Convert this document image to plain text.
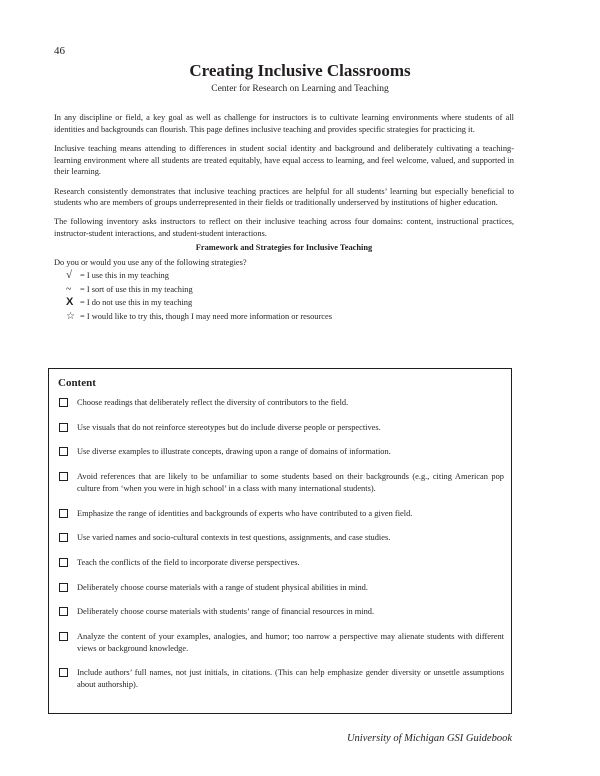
46
Creating Inclusive Classrooms
Center for Research on Learning and Teaching

In any discipline or field, a key goal as well as challenge for instructors is to cultivate learning environments where students of all identities and backgrounds can flourish. This page defines inclusive teaching and provides specific strategies for practicing it.

Inclusive teaching means attending to differences in student social identity and background and deliberately cultivating a teaching-learning environment where all students are treated equitably, have equal access to learning, and feel welcome, valued, and supported in their learning.

Research consistently demonstrates that inclusive teaching practices are helpful for all students’ learning but especially beneficial to students who are members of groups underrepresented in their fields or traditionally underserved by institutions of higher education.

The following inventory asks instructors to reflect on their inclusive teaching across four domains: content, instructional practices, instructor-student interactions, and student-student interactions.

Framework and Strategies for Inclusive Teaching
Do you or would you use any of the following strategies?
√ = I use this in my teaching
~	= I sort of use this in my teaching
X = I do not use this in my teaching
☆ = I would like to try this, though I may need more information or resources
Content
Choose readings that deliberately reflect the diversity of contributors to the field.
Use visuals that do not reinforce stereotypes but do include diverse people or perspectives.
Use diverse examples to illustrate concepts, drawing upon a range of domains of information.
Avoid references that are likely to be unfamiliar to some students based on their backgrounds (e.g., citing American pop culture from ‘when you were in high school’ in a class with many international students).
Emphasize the range of identities and backgrounds of experts who have contributed to a given field.
Use varied names and socio-cultural contexts in test questions, assignments, and case studies.
Teach the conflicts of the field to incorporate diverse perspectives.
Deliberately choose course materials with a range of student physical abilities in mind.
Deliberately choose course materials with students’ range of financial resources in mind.
Analyze the content of your examples, analogies, and humor; too narrow a perspective may alienate students with different views or background knowledge.
Include authors’ full names, not just initials, in citations. (This can help emphasize gender diversity or unsettle assumptions about authorship).
University of Michigan GSI Guidebook
